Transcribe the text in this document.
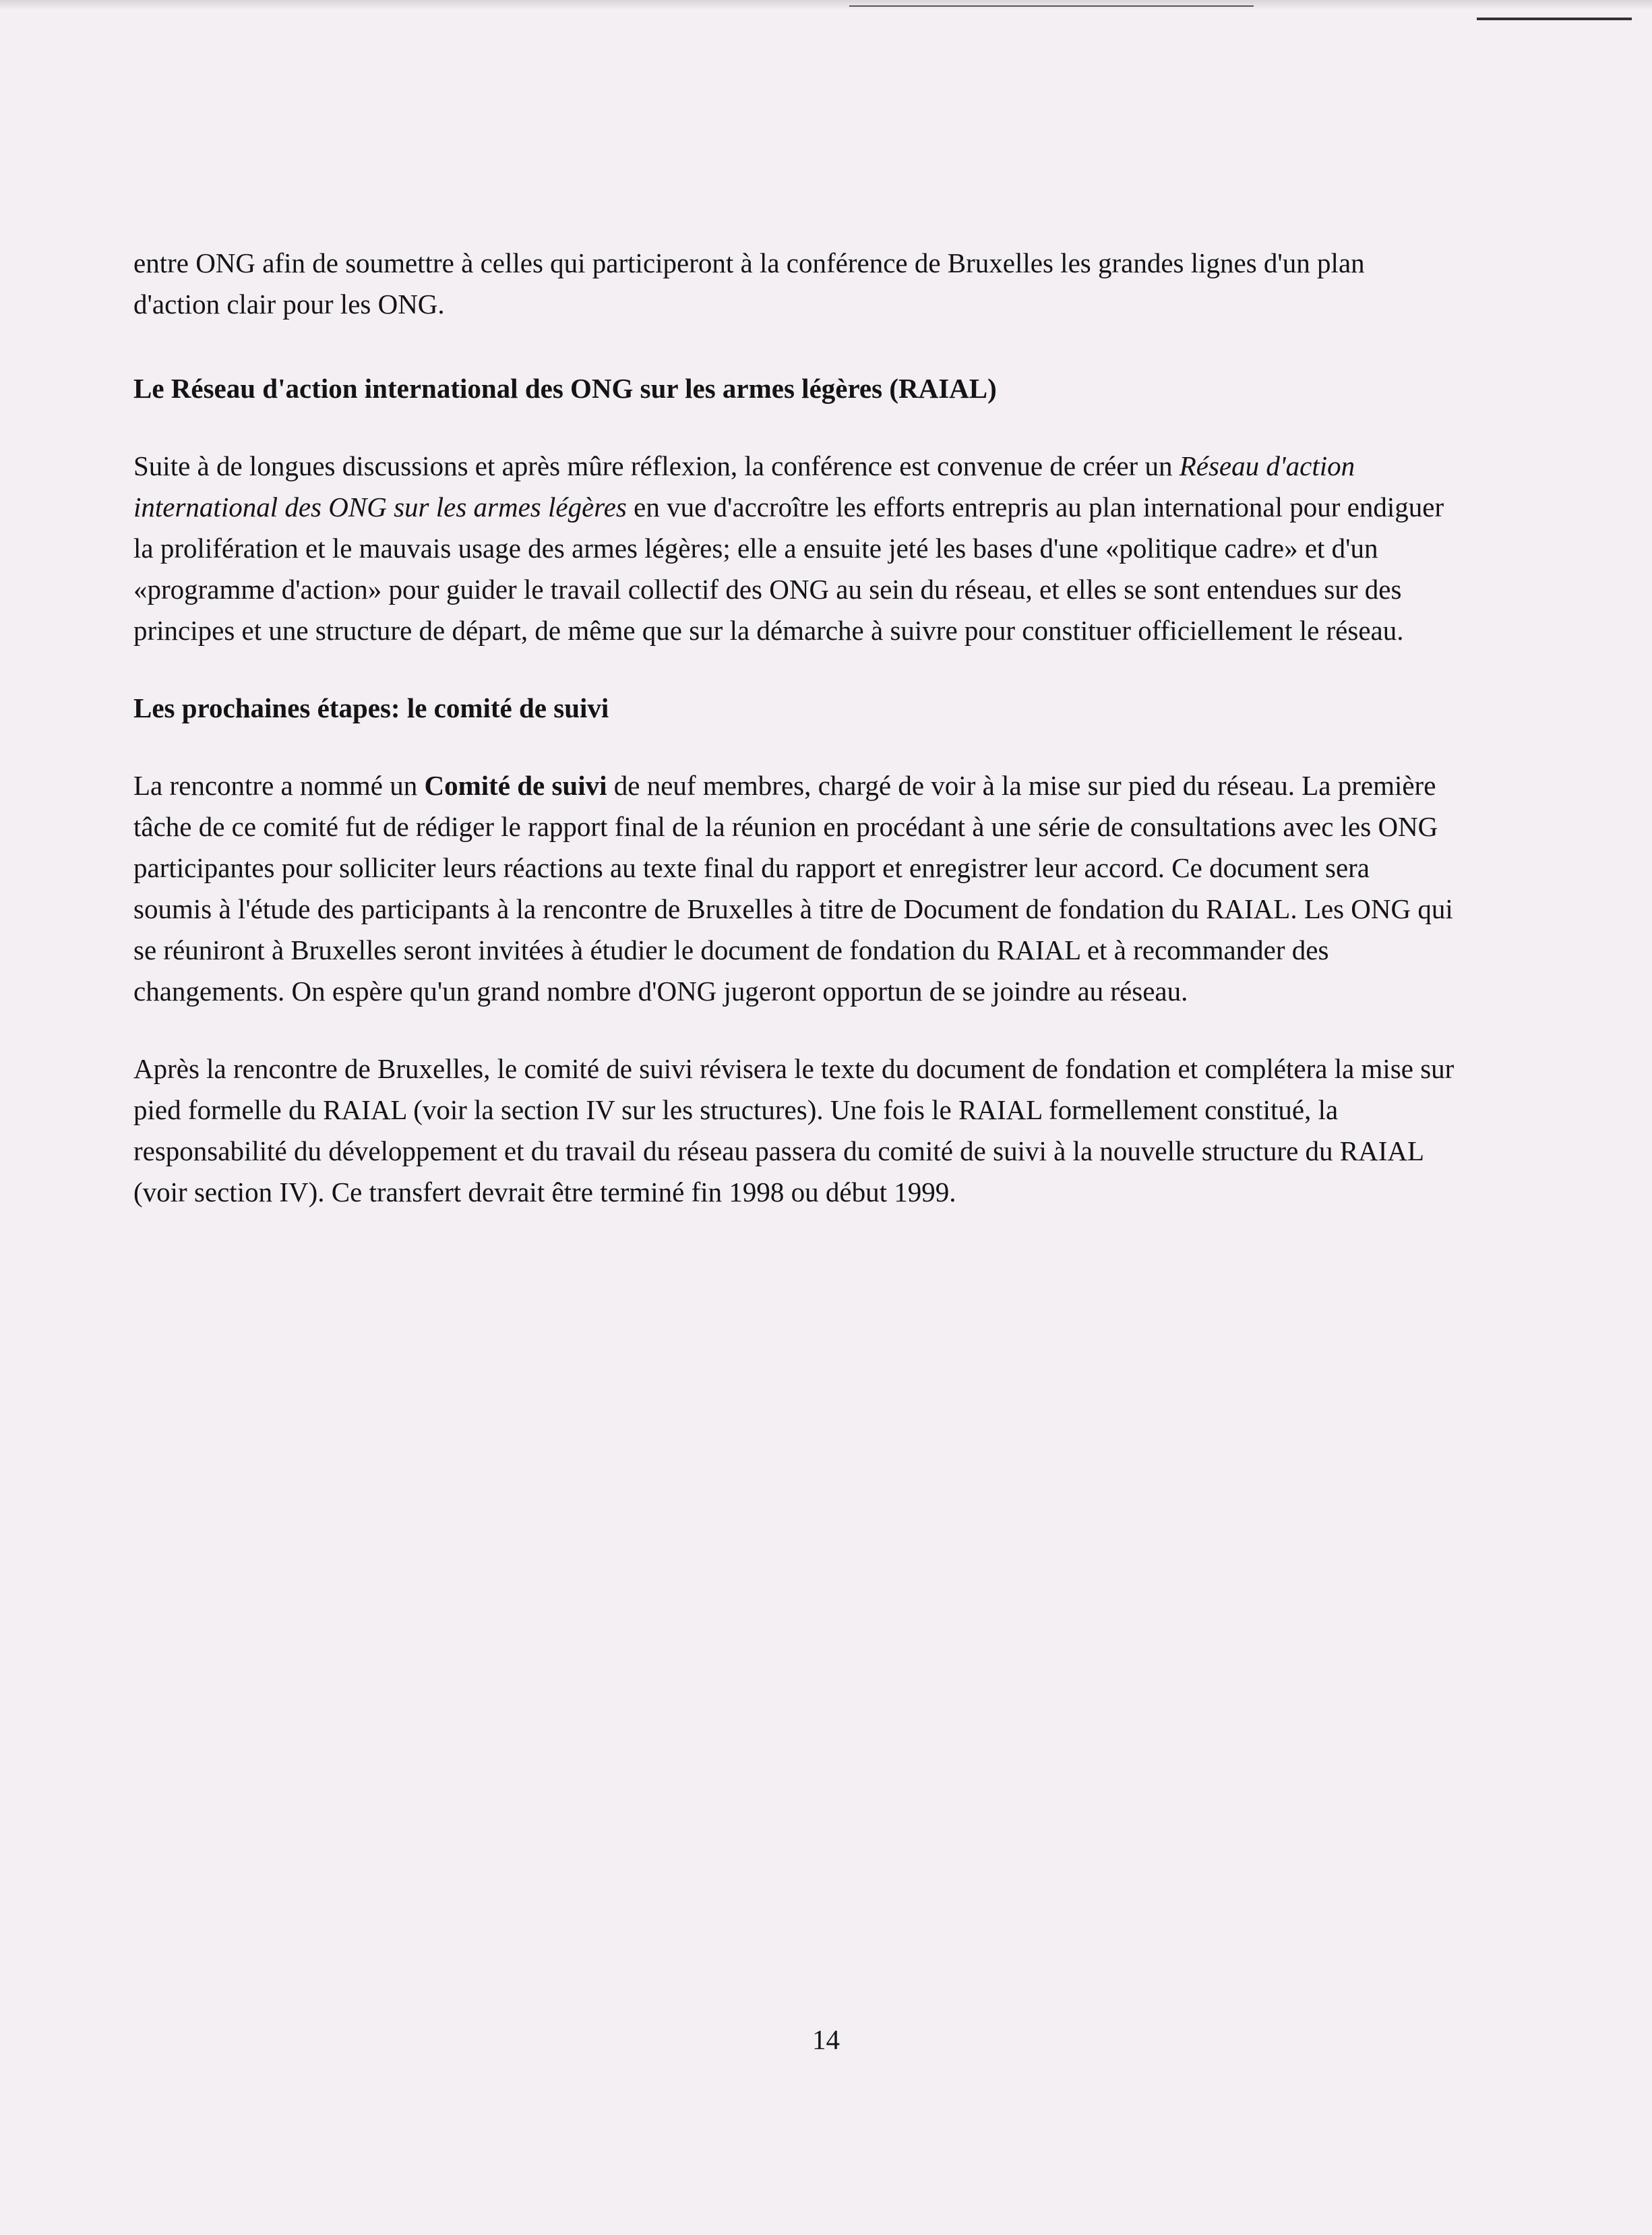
entre ONG afin de soumettre à celles qui participeront à la conférence de Bruxelles les grandes lignes d'un plan d'action clair pour les ONG.

Le Réseau d'action international des ONG sur les armes légères (RAIAL)

Suite à de longues discussions et après mûre réflexion, la conférence est convenue de créer un Réseau d'action international des ONG sur les armes légères en vue d'accroître les efforts entrepris au plan international pour endiguer la prolifération et le mauvais usage des armes légères; elle a ensuite jeté les bases d'une «politique cadre» et d'un «programme d'action» pour guider le travail collectif des ONG au sein du réseau, et elles se sont entendues sur des principes et une structure de départ, de même que sur la démarche à suivre pour constituer officiellement le réseau.

Les prochaines étapes: le comité de suivi

La rencontre a nommé un Comité de suivi de neuf membres, chargé de voir à la mise sur pied du réseau. La première tâche de ce comité fut de rédiger le rapport final de la réunion en procédant à une série de consultations avec les ONG participantes pour solliciter leurs réactions au texte final du rapport et enregistrer leur accord. Ce document sera soumis à l'étude des participants à la rencontre de Bruxelles à titre de Document de fondation du RAIAL. Les ONG qui se réuniront à Bruxelles seront invitées à étudier le document de fondation du RAIAL et à recommander des changements. On espère qu'un grand nombre d'ONG jugeront opportun de se joindre au réseau.

Après la rencontre de Bruxelles, le comité de suivi révisera le texte du document de fondation et complétera la mise sur pied formelle du RAIAL (voir la section IV sur les structures). Une fois le RAIAL formellement constitué, la responsabilité du développement et du travail du réseau passera du comité de suivi à la nouvelle structure du RAIAL (voir section IV). Ce transfert devrait être terminé fin 1998 ou début 1999.

14
